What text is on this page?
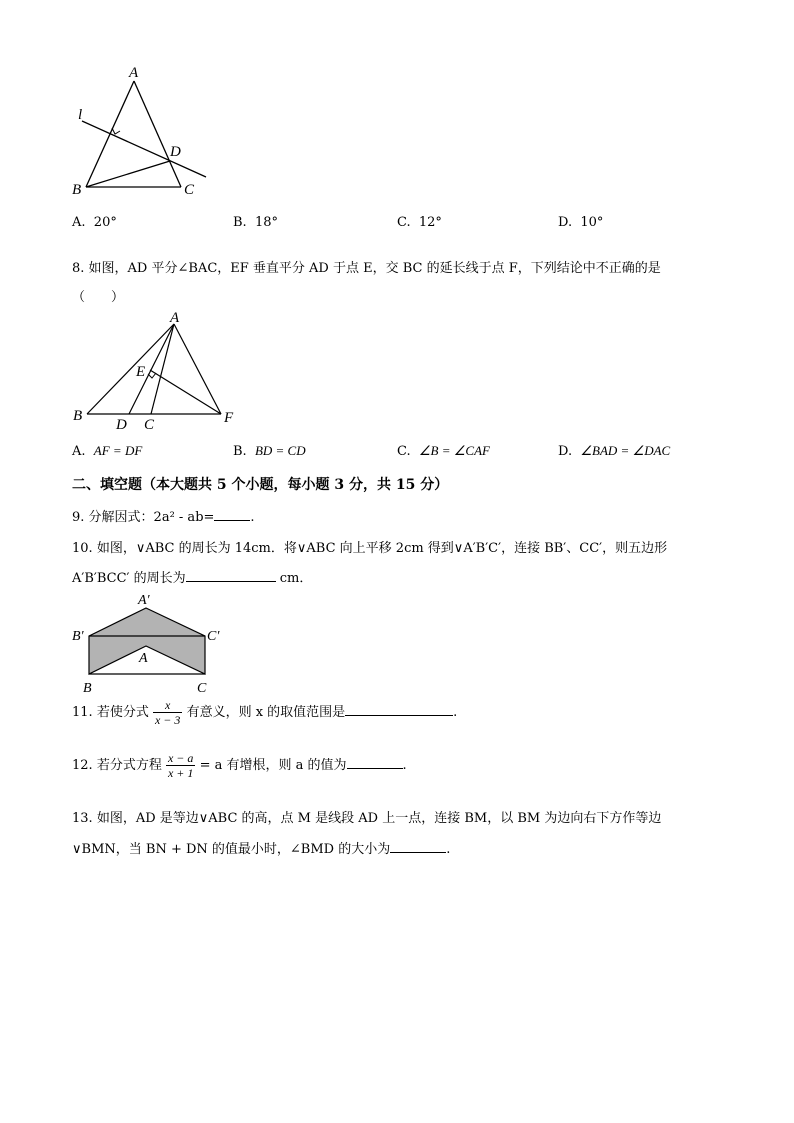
A
l
D
B	C
A. 20°	B. 18°	C. 12°	D. 10°
8. 如图，AD 平分∠BAC，EF 垂直平分 AD 于点 E，交 BC 的延长线于点 F，下列结论中不正确的是
（　　）
A
E
B
D C	F
A. AF = DF	B. BD = CD	C. ∠B = ∠CAF	D. ∠BAD = ∠DAC
二、填空题（本大题共 5 个小题，每小题 3 分，共 15 分）
9. 分解因式：2a² - ab=	.
10. 如图，∨ABC 的周长为 14cm．将∨ABC 向上平移 2cm 得到∨A′B′C′，连接 BB′、CC′，则五边形
A′B′BCC′ 的周长为	cm．
A′
B′	C′
A
B	C
11. 若使分式 $\frac{x}{x - 3}$ 有意义，则 x 的取值范围是	.
12. 若分式方程 $\frac{x - a}{x + 1} = a$ 有增根，则 a 的值为	.
13. 如图，AD 是等边∨ABC 的高，点 M 是线段 AD 上一点，连接 BM，以 BM 为边向右下方作等边
∨BMN，当 BN + DN 的值最小时，∠BMD 的大小为	.
